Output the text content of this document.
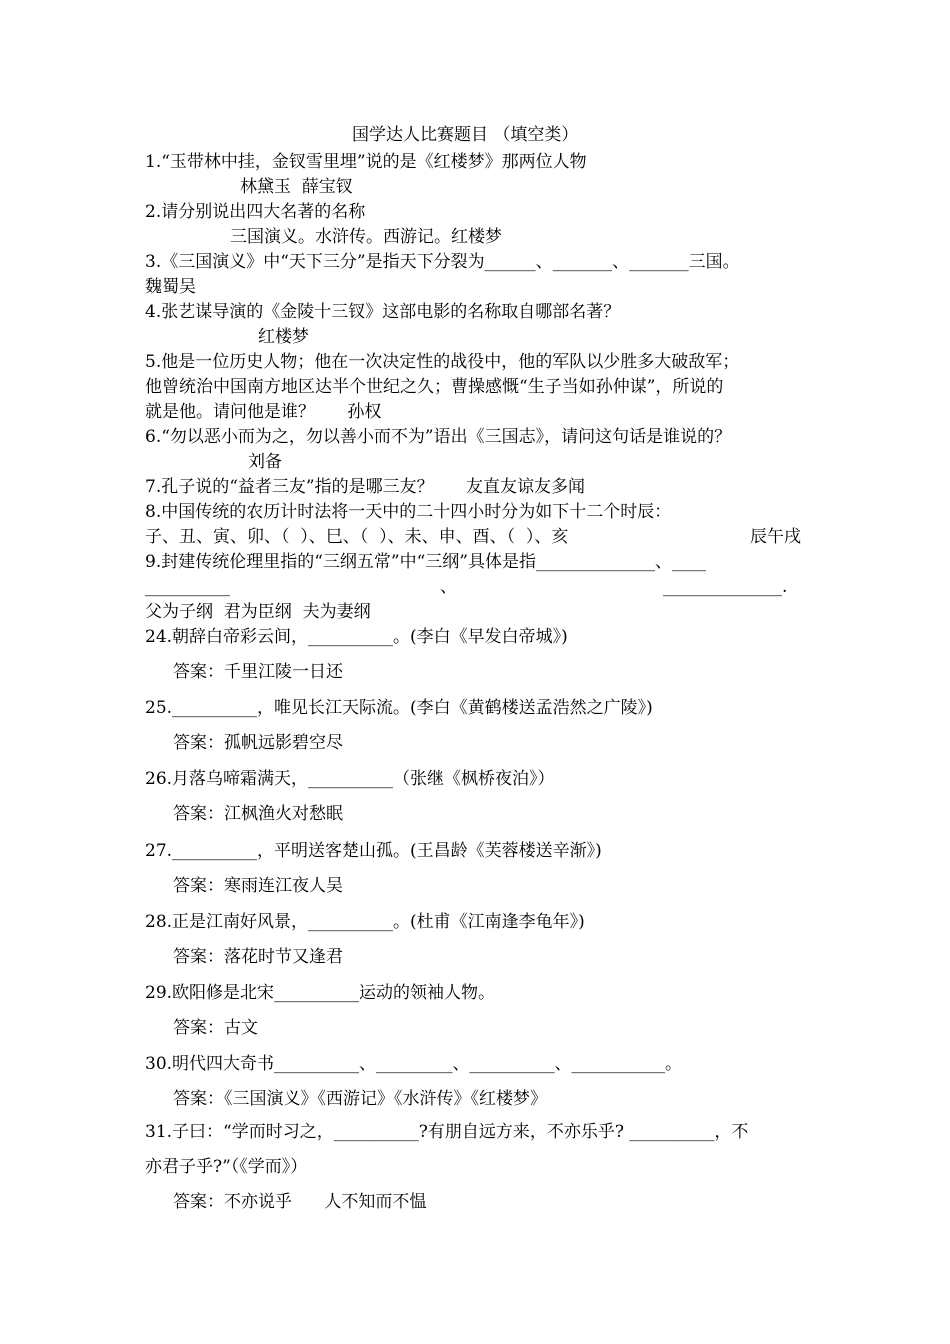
国学达人比赛题目 （填空类）
1.“玉带林中挂，金钗雪里埋”说的是《红楼梦》那两位人物
林黛玉  薛宝钗
2.请分别说出四大名著的名称
三国演义。水浒传。西游记。红楼梦
3.《三国演义》中“天下三分”是指天下分裂为______、_______、_______三国。
魏蜀吴
4.张艺谋导演的《金陵十三钗》这部电影的名称取自哪部名著？
红楼梦
5.他是一位历史人物；他在一次决定性的战役中，他的军队以少胜多大破敌军；
他曾统治中国南方地区达半个世纪之久；曹操感慨“生子当如孙仲谋”，所说的
就是他。请问他是谁？      孙权
6.“勿以恶小而为之，勿以善小而不为”语出《三国志》，请问这句话是谁说的？
刘备
7.孔子说的“益者三友”指的是哪三友？      友直友谅友多闻
8.中国传统的农历计时法将一天中的二十四小时分为如下十二个时辰：
子、丑、寅、卯、（  ）、巳、（  ）、未、申、酉、（  ）、亥	辰午戌
9.封建传统伦理里指的“三纲五常”中“三纲”具体是指______________、____
__________	、	______________.
父为子纲  君为臣纲  夫为妻纲
24.朝辞白帝彩云间，__________。(李白《早发白帝城》)
答案：千里江陵一日还
25.__________，唯见长江天际流。(李白《黄鹤楼送孟浩然之广陵》)
答案：孤帆远影碧空尽
26.月落乌啼霜满天，__________（张继《枫桥夜泊》）
答案：江枫渔火对愁眠
27.__________，平明送客楚山孤。(王昌龄《芙蓉楼送辛渐》)
答案：寒雨连江夜人吴
28.正是江南好风景，__________。(杜甫《江南逢李龟年》)
答案：落花时节又逢君
29.欧阳修是北宋__________运动的领袖人物。
答案：古文
30.明代四大奇书__________、_________、__________、___________。
答案：《三国演义》《西游记》《水浒传》《红楼梦》
31.子曰：“学而时习之，__________?有朋自远方来，不亦乐乎? __________，不
亦君子乎?”（《学而》）
答案：不亦说乎      人不知而不愠
